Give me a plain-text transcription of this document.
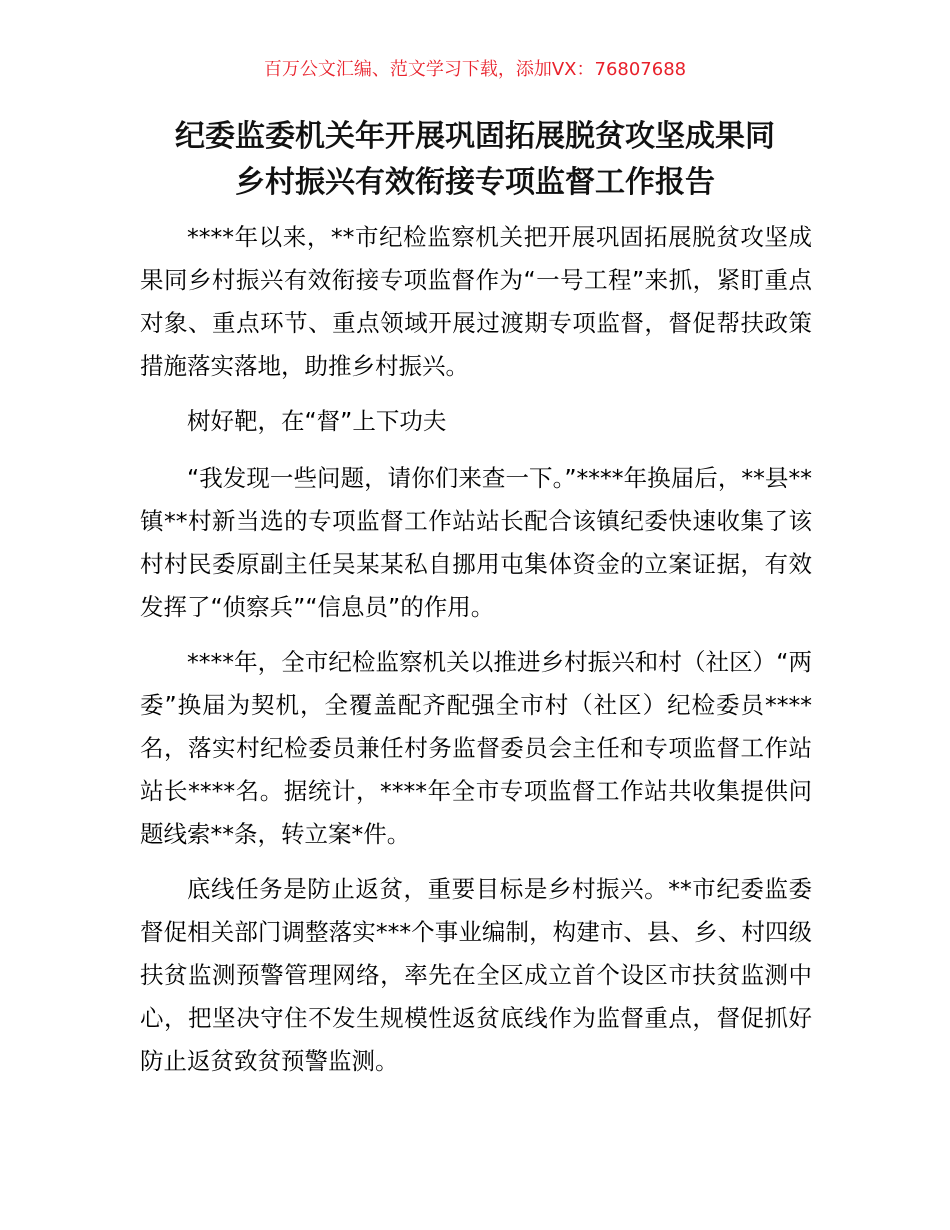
百万公文汇编、范文学习下载，添加VX：76807688
纪委监委机关年开展巩固拓展脱贫攻坚成果同
乡村振兴有效衔接专项监督工作报告

****年以来，**市纪检监察机关把开展巩固拓展脱贫攻坚成果同乡村振兴有效衔接专项监督作为“一号工程”来抓，紧盯重点对象、重点环节、重点领域开展过渡期专项监督，督促帮扶政策措施落实落地，助推乡村振兴。

树好靶，在“督”上下功夫

“我发现一些问题，请你们来查一下。”****年换届后，**县**镇**村新当选的专项监督工作站站长配合该镇纪委快速收集了该村村民委原副主任吴某某私自挪用屯集体资金的立案证据，有效发挥了“侦察兵”“信息员”的作用。

****年，全市纪检监察机关以推进乡村振兴和村（社区）“两委”换届为契机，全覆盖配齐配强全市村（社区）纪检委员****名，落实村纪检委员兼任村务监督委员会主任和专项监督工作站站长****名。据统计，****年全市专项监督工作站共收集提供问题线索**条，转立案*件。

底线任务是防止返贫，重要目标是乡村振兴。**市纪委监委督促相关部门调整落实***个事业编制，构建市、县、乡、村四级扶贫监测预警管理网络，率先在全区成立首个设区市扶贫监测中心，把坚决守住不发生规模性返贫底线作为监督重点，督促抓好防止返贫致贫预警监测。
